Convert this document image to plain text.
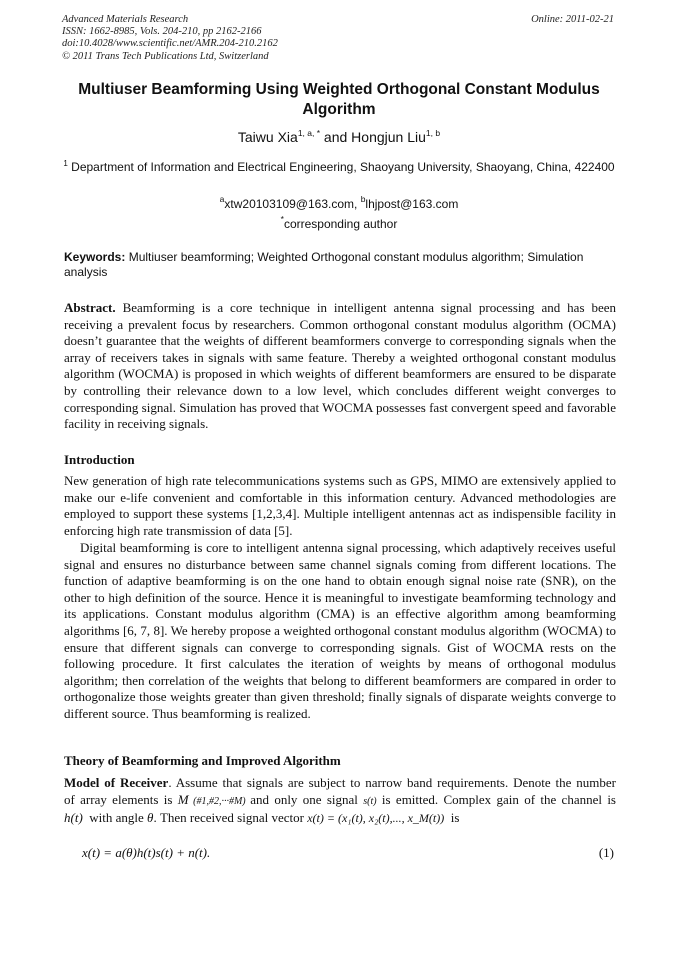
Advanced Materials Research
ISSN: 1662-8985, Vols. 204-210, pp 2162-2166
doi:10.4028/www.scientific.net/AMR.204-210.2162
© 2011 Trans Tech Publications Ltd, Switzerland
Online: 2011-02-21
Multiuser Beamforming Using Weighted Orthogonal Constant Modulus Algorithm
Taiwu Xia$^{1, a, *}$ and Hongjun Liu$^{1, b}$
$^1$ Department of Information and Electrical Engineering, Shaoyang University, Shaoyang, China, 422400
$^a$xtw20103109@163.com, $^b$lhjpost@163.com
*corresponding author
Keywords: Multiuser beamforming; Weighted Orthogonal constant modulus algorithm; Simulation analysis
Abstract. Beamforming is a core technique in intelligent antenna signal processing and has been receiving a prevalent focus by researchers. Common orthogonal constant modulus algorithm (OCMA) doesn’t guarantee that the weights of different beamformers converge to corresponding signals when the array of receivers takes in signals with same feature. Thereby a weighted orthogonal constant modulus algorithm (WOCMA) is proposed in which weights of different beamformers are ensured to be disparate by controlling their relevance down to a low level, which concludes different weight converges to corresponding signal. Simulation has proved that WOCMA possesses fast convergent speed and favorable facility in receiving signals.
Introduction
New generation of high rate telecommunications systems such as GPS, MIMO are extensively applied to make our e-life convenient and comfortable in this information century. Advanced methodologies are employed to support these systems [1,2,3,4]. Multiple intelligent antennas act as indispensible facility in enforcing high rate transmission of data [5].
Digital beamforming is core to intelligent antenna signal processing, which adaptively receives useful signal and ensures no disturbance between same channel signals coming from different locations. The function of adaptive beamforming is on the one hand to obtain enough signal noise rate (SNR), on the other to high definition of the source. Hence it is meaningful to investigate beamforming technology and its applications. Constant modulus algorithm (CMA) is an effective algorithm among beamforming algorithms [6, 7, 8]. We hereby propose a weighted orthogonal constant modulus algorithm (WOCMA) to ensure that different signals can converge to corresponding signals. Gist of WOCMA rests on the following procedure. It first calculates the iteration of weights by means of orthogonal modulus algorithm; then correlation of the weights that belong to different beamformers are compared in order to orthogonalize those weights greater than given threshold; finally signals of disparate weights converge to different source. Thus beamforming is realized.
Theory of Beamforming and Improved Algorithm
Model of Receiver. Assume that signals are subject to narrow band requirements. Denote the number
of array elements is M (#1,#2,···#M) and only one signal s(t) is emitted. Complex gain of the channel is
h(t)  with angle θ. Then received signal vector x(t) = (x₁(t), x₂(t),..., x_M(t))  is
x(t) = a(θ)h(t)s(t) + n(t).	(1)
